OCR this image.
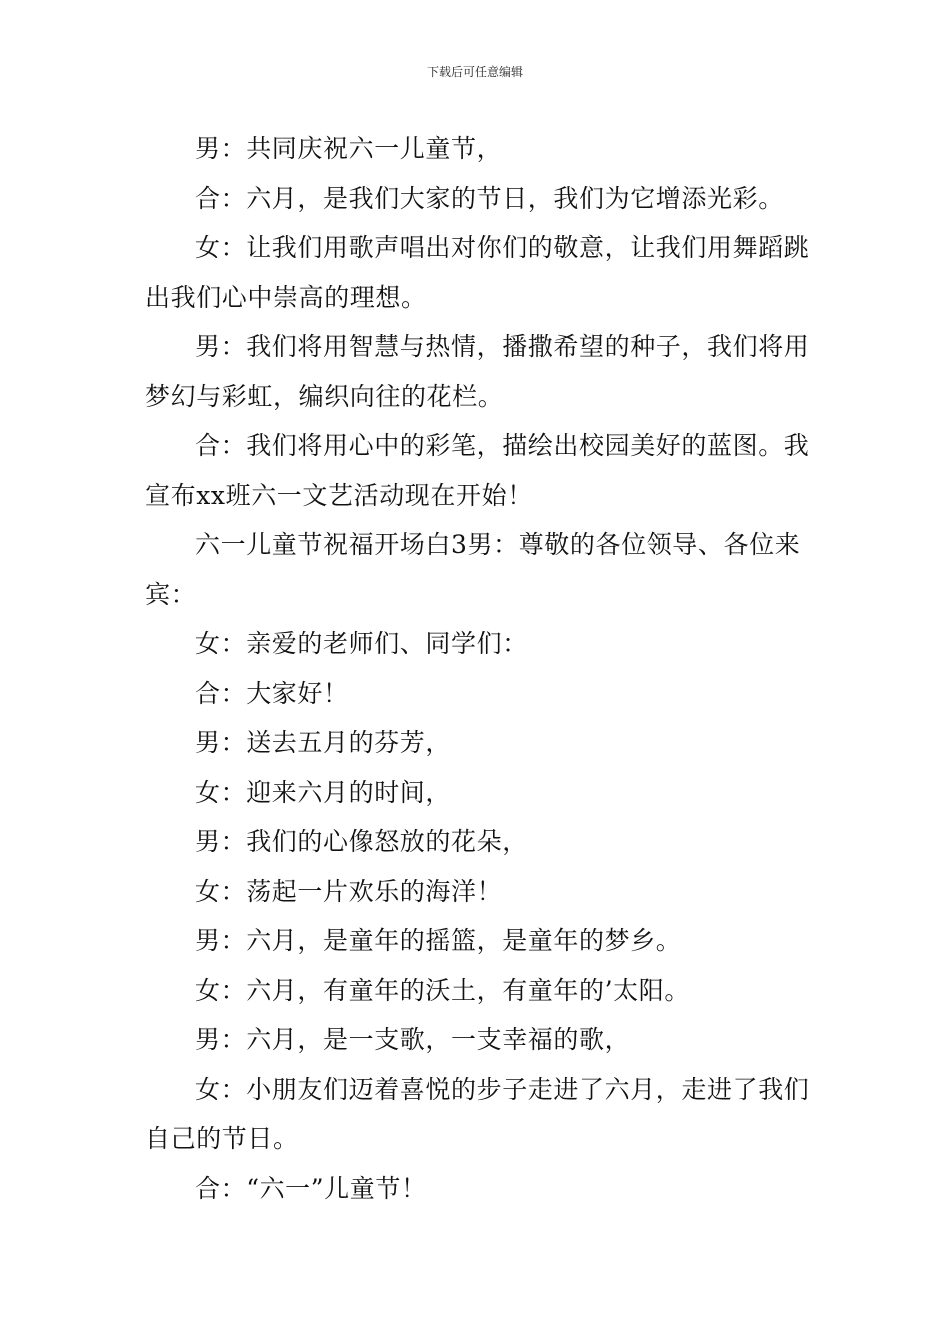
下载后可任意编辑

男：共同庆祝六一儿童节，

合：六月，是我们大家的节日，我们为它增添光彩。

女：让我们用歌声唱出对你们的敬意，让我们用舞蹈跳出我们心中崇高的理想。

男：我们将用智慧与热情，播撒希望的种子，我们将用梦幻与彩虹，编织向往的花栏。

合：我们将用心中的彩笔，描绘出校园美好的蓝图。我宣布xx班六一文艺活动现在开始！

六一儿童节祝福开场白3男：尊敬的各位领导、各位来宾：

女：亲爱的老师们、同学们：

合：大家好！

男：送去五月的芬芳，

女：迎来六月的时间，

男：我们的心像怒放的花朵，

女：荡起一片欢乐的海洋！

男：六月，是童年的摇篮，是童年的梦乡。

女：六月，有童年的沃土，有童年的’太阳。

男：六月，是一支歌，一支幸福的歌，

女：小朋友们迈着喜悦的步子走进了六月，走进了我们自己的节日。

合：“六一”儿童节！
